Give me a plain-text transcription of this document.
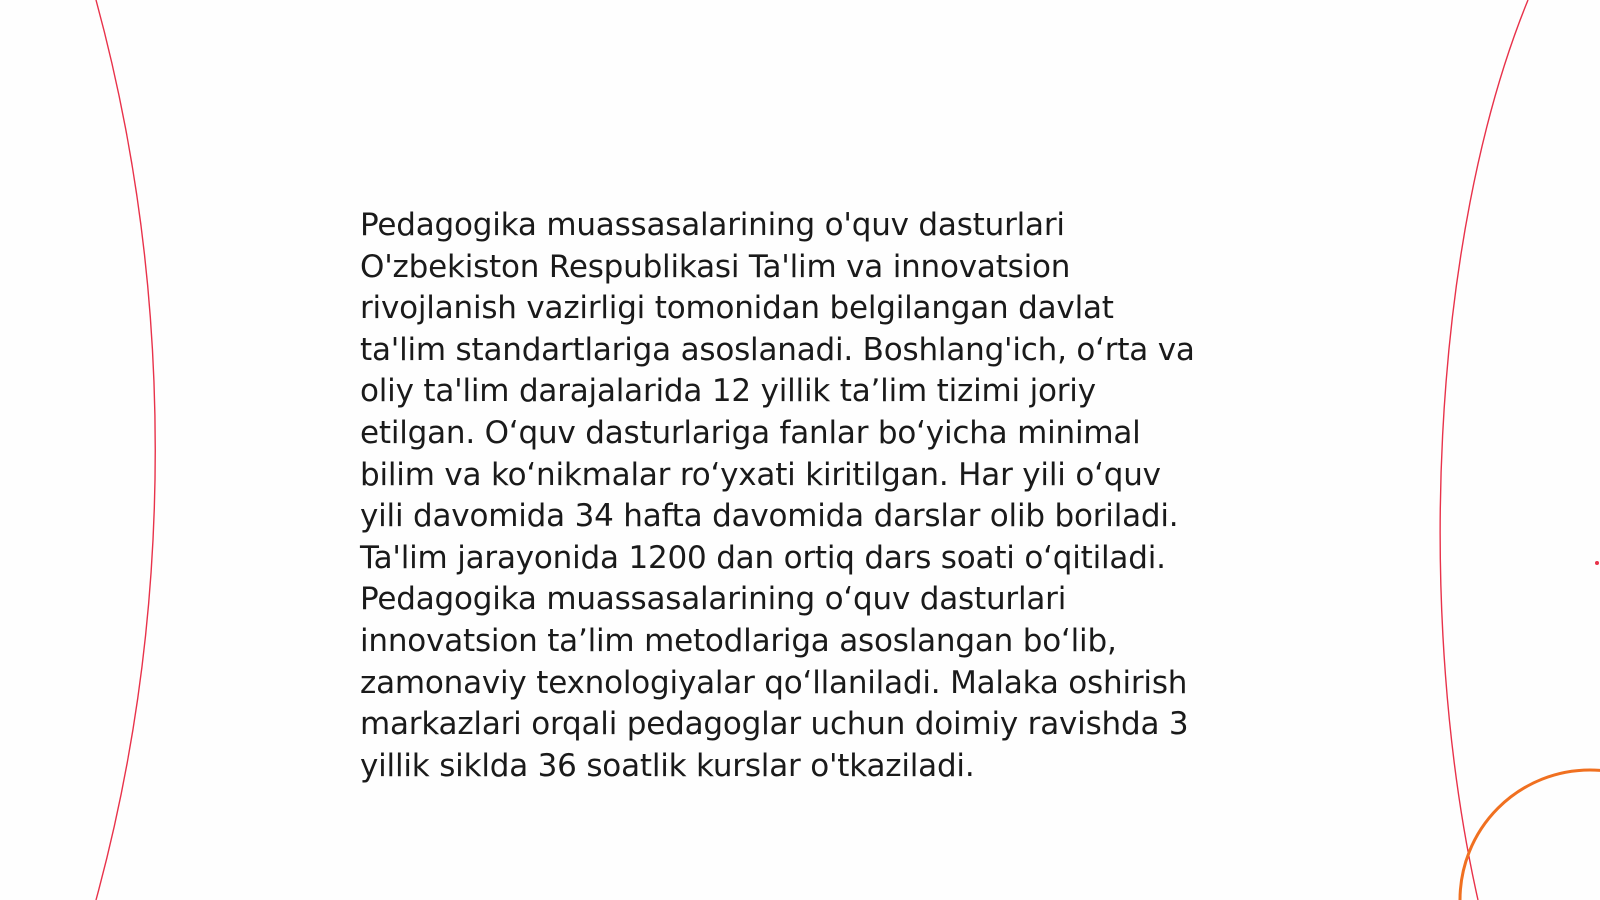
Pedagogika muassasalarining o'quv dasturlari
O'zbekiston Respublikasi Ta'lim va innovatsion
rivojlanish vazirligi tomonidan belgilangan davlat
ta'lim standartlariga asoslanadi. Boshlang'ich, o‘rta va
oliy ta'lim darajalarida 12 yillik ta’lim tizimi joriy
etilgan. O‘quv dasturlariga fanlar bo‘yicha minimal
bilim va ko‘nikmalar ro‘yxati kiritilgan. Har yili o‘quv
yili davomida 34 hafta davomida darslar olib boriladi.
Ta'lim jarayonida 1200 dan ortiq dars soati o‘qitiladi.
Pedagogika muassasalarining o‘quv dasturlari
innovatsion ta’lim metodlariga asoslangan bo‘lib,
zamonaviy texnologiyalar qo‘llaniladi. Malaka oshirish
markazlari orqali pedagoglar uchun doimiy ravishda 3
yillik siklda 36 soatlik kurslar o'tkaziladi.
